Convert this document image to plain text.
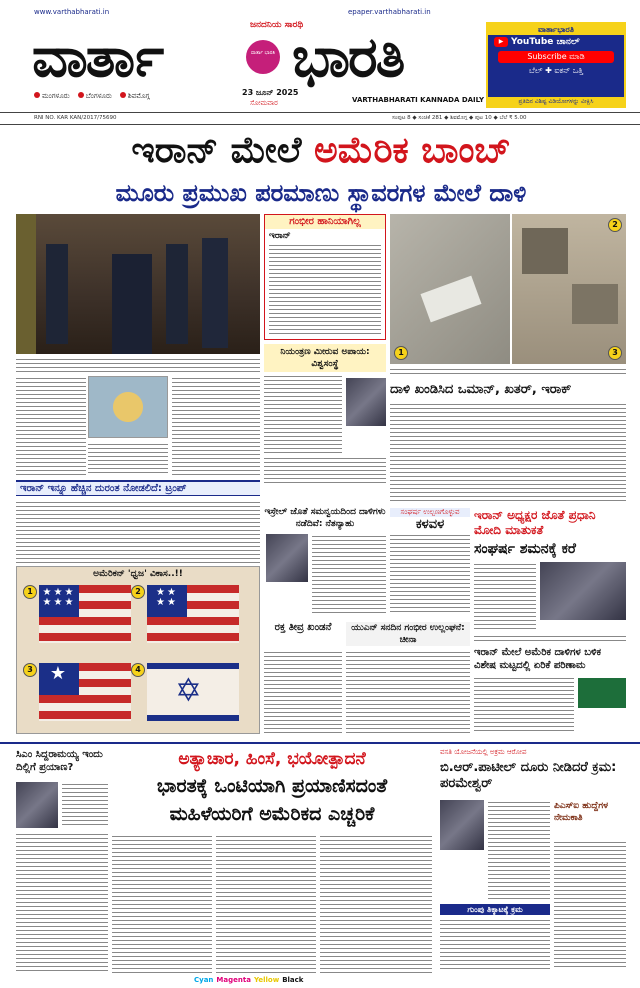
www.varthabharati.in	epaper.varthabharati.in
ಜನದನಿಯ ಸಾರಥಿ
ವಾರ್ತಾ	ವಾರ್ತಾ ಭಾರತಿ ಭಾರತಿ
ಮಂಗಳೂರು	ಬೆಂಗಳೂರು	ಶಿವಮೊಗ್ಗ	23 ಜೂನ್ 2025
ಸೋಮವಾರ	VARTHABHARATI KANNADA DAILY
ವಾರ್ತಾಭಾರತಿ
▶ YouTube ಚಾನಲ್
Subscribe ಮಾಡಿ
ಬೆಲ್ ✚ ಐಕನ್ ಒತ್ತಿ
ಪ್ರತಿದಿನ ವಿಶಿಷ್ಟ ವಿಡಿಯೋಗಳನ್ನು ವೀಕ್ಷಿಸಿ
RNI NO. KAR KAN/2017/75690	ಸಂಪುಟ 8 ◆ ಸಂಚಿಕೆ 281 ◆ ಶಿವಮೊಗ್ಗ ◆ ಪುಟ 10 ◆ ಬೆಲೆ ₹ 5.00
ಇರಾನ್ ಮೇಲೆ ಅಮೆರಿಕ ಬಾಂಬ್
ಮೂರು ಪ್ರಮುಖ ಪರಮಾಣು ಸ್ಥಾವರಗಳ ಮೇಲೆ ದಾಳಿ
ಇರಾನ್ ಇನ್ನೂ ಹೆಚ್ಚಿನ ದುರಂತ ನೋಡಲಿದೆ: ಟ್ರಂಪ್
ಅಮೆರಿಕನ್ 'ಧ್ವಜ' ವಿಕಾಸ..!!
★★★ ★★★
★★ ★★
★	✡
1	2
3	4
ಗಂಭೀರ ಹಾನಿಯಾಗಿಲ್ಲ
ಇರಾನ್
ನಿಯಂತ್ರಣ ಮೀರುವ ಅಪಾಯ: ವಿಶ್ವಸಂಸ್ಥೆ
ಇಸ್ರೇಲ್ ಜೊತೆ ಸಮನ್ವಯದಿಂದ ದಾಳಿಗಳು ನಡೆದಿವೆ: ನೆತನ್ಯಾಹು
ರಕ್ತ ತೀವ್ರ ಖಂಡನೆ	ಯುಎನ್ ಸನದಿನ ಗಂಭೀರ ಉಲ್ಲಂಘನೆ: ಚೀನಾ
ಸಂಘರ್ಷ ಉಲ್ಬಣಗೊಳ್ಳುವ
ಕಳವಳ
1
2
3
ದಾಳಿ ಖಂಡಿಸಿದ ಒಮಾನ್, ಖತರ್, ಇರಾಕ್
ಇರಾನ್ ಅಧ್ಯಕ್ಷರ ಜೊತೆ ಪ್ರಧಾನಿ ಮೋದಿ ಮಾತುಕತೆ
ಸಂಘರ್ಷ ಶಮನಕ್ಕೆ ಕರೆ
ಇರಾನ್ ಮೇಲೆ ಅಮೆರಿಕ ದಾಳಿಗಳ ಬಳಿಕ ವಿಶೇಷ ಮಟ್ಟದಲ್ಲಿ ಏರಿಕೆ ಪರಿಣಾಮ
ಸಿಎಂ ಸಿದ್ದರಾಮಯ್ಯ ಇಂದು ದಿಲ್ಲಿಗೆ ಪ್ರಯಾಣ?	ಅತ್ಯಾಚಾರ, ಹಿಂಸೆ, ಭಯೋತ್ಪಾದನೆ
ಭಾರತಕ್ಕೆ ಒಂಟಿಯಾಗಿ ಪ್ರಯಾಣಿಸದಂತೆ
ಮಹಿಳೆಯರಿಗೆ ಅಮೆರಿಕದ ಎಚ್ಚರಿಕೆ
ವಸತಿ ಯೋಜನೆಯಲ್ಲಿ ಅಕ್ರಮ ಆರೋಪ
ಬಿ.ಆರ್.ಪಾಟೀಲ್ ದೂರು ನೀಡಿದರೆ ಕ್ರಮ: ಪರಮೇಶ್ವರ್
ಪಿಎಸ್ಐ ಹುದ್ದೆಗಳ ನೇಮಕಾತಿ
ಗುಂಪು ತಿಕ್ಕಾಟಕ್ಕೆ ಕ್ರಮ
Cyan Magenta Yellow Black
